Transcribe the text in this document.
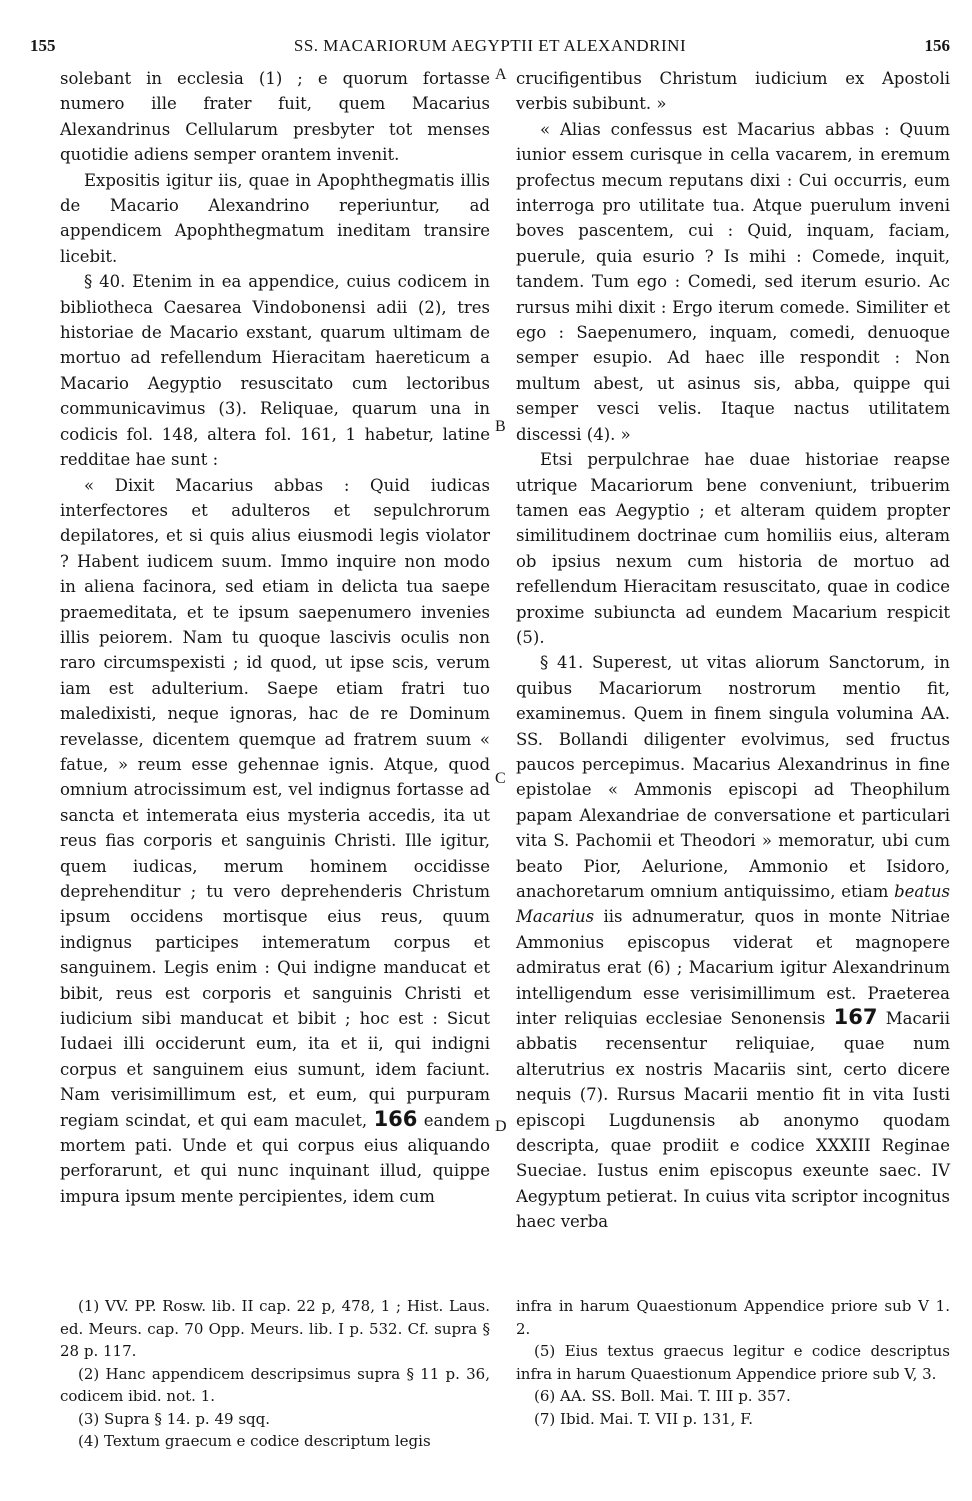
155	SS. MACARIORUM AEGYPTII ET ALEXANDRINI	156
A
B
C
D

solebant in ecclesia (1) ; e quorum fortasse numero ille frater fuit, quem Macarius Alexandrinus Cellularum presbyter tot menses quotidie adiens semper orantem invenit.

Expositis igitur iis, quae in Apophthegmatis illis de Macario Alexandrino reperiuntur, ad appendicem Apophthegmatum ineditam transire licebit.

§ 40. Etenim in ea appendice, cuius codicem in bibliotheca Caesarea Vindobonensi adii (2), tres historiae de Macario exstant, quarum ultimam de mortuo ad refellendum Hieracitam haereticum a Macario Aegyptio resuscitato cum lectoribus communicavimus (3). Reliquae, quarum una in codicis fol. 148, altera fol. 161, 1 habetur, latine redditae hae sunt :

« Dixit Macarius abbas : Quid iudicas interfectores et adulteros et sepulchrorum depilatores, et si quis alius eiusmodi legis violator ? Habent iudicem suum. Immo inquire non modo in aliena facinora, sed etiam in delicta tua saepe praemeditata, et te ipsum saepenumero invenies illis peiorem. Nam tu quoque lascivis oculis non raro circumspexisti ; id quod, ut ipse scis, verum iam est adulterium. Saepe etiam fratri tuo maledixisti, neque ignoras, hac de re Dominum revelasse, dicentem quemque ad fratrem suum « fatue, » reum esse gehennae ignis. Atque, quod omnium atrocissimum est, vel indignus fortasse ad sancta et intemerata eius mysteria accedis, ita ut reus fias corporis et sanguinis Christi. Ille igitur, quem iudicas, merum hominem occidisse deprehenditur ; tu vero deprehenderis Christum ipsum occidens mortisque eius reus, quum indignus participes intemeratum corpus et sanguinem. Legis enim : Qui indigne manducat et bibit, reus est corporis et sanguinis Christi et iudicium sibi manducat et bibit ; hoc est : Sicut Iudaei illi occiderunt eum, ita et ii, qui indigni corpus et sanguinem eius sumunt, idem faciunt. Nam verisimillimum est, et eum, qui purpuram regiam scindat, et qui eam maculet, 166 eandem mortem pati. Unde et qui corpus eius aliquando perforarunt, et qui nunc inquinant illud, quippe impura ipsum mente percipientes, idem cum

crucifigentibus Christum iudicium ex Apostoli verbis subibunt. »

« Alias confessus est Macarius abbas : Quum iunior essem curisque in cella vacarem, in eremum profectus mecum reputans dixi : Cui occurris, eum interroga pro utilitate tua. Atque puerulum inveni boves pascentem, cui : Quid, inquam, faciam, puerule, quia esurio ? Is mihi : Comede, inquit, tandem. Tum ego : Comedi, sed iterum esurio. Ac rursus mihi dixit : Ergo iterum comede. Similiter et ego : Saepenumero, inquam, comedi, denuoque semper esupio. Ad haec ille respondit : Non multum abest, ut asinus sis, abba, quippe qui semper vesci velis. Itaque nactus utilitatem discessi (4). »

Etsi perpulchrae hae duae historiae reapse utrique Macariorum bene conveniunt, tribuerim tamen eas Aegyptio ; et alteram quidem propter similitudinem doctrinae cum homiliis eius, alteram ob ipsius nexum cum historia de mortuo ad refellendum Hieracitam resuscitato, quae in codice proxime subiuncta ad eundem Macarium respicit (5).

§ 41. Superest, ut vitas aliorum Sanctorum, in quibus Macariorum nostrorum mentio fit, examinemus. Quem in finem singula volumina AA. SS. Bollandi diligenter evolvimus, sed fructus paucos percepimus. Macarius Alexandrinus in fine epistolae « Ammonis episcopi ad Theophilum papam Alexandriae de conversatione et particulari vita S. Pachomii et Theodori » memoratur, ubi cum beato Pior, Aelurione, Ammonio et Isidoro, anachoretarum omnium antiquissimo, etiam beatus Macarius iis adnumeratur, quos in monte Nitriae Ammonius episcopus viderat et magnopere admiratus erat (6) ; Macarium igitur Alexandrinum intelligendum esse verisimillimum est. Praeterea inter reliquias ecclesiae Senonensis 167 Macarii abbatis recensentur reliquiae, quae num alterutrius ex nostris Macariis sint, certo dicere nequis (7). Rursus Macarii mentio fit in vita Iusti episcopi Lugdunensis ab anonymo quodam descripta, quae prodiit e codice XXXIII Reginae Sueciae. Iustus enim episcopus exeunte saec. IV Aegyptum petierat. In cuius vita scriptor incognitus haec verba

(1) VV. PP. Rosw. lib. II cap. 22 p, 478, 1 ; Hist. Laus. ed. Meurs. cap. 70 Opp. Meurs. lib. I p. 532. Cf. supra § 28 p. 117.
(2) Hanc appendicem descripsimus supra § 11 p. 36, codicem ibid. not. 1.
(3) Supra § 14. p. 49 sqq.
(4) Textum graecum e codice descriptum legis
infra in harum Quaestionum Appendice priore sub V 1. 2.
(5) Eius textus graecus legitur e codice descriptus infra in harum Quaestionum Appendice priore sub V, 3.
(6) AA. SS. Boll. Mai. T. III p. 357.
(7) Ibid. Mai. T. VII p. 131, F.
